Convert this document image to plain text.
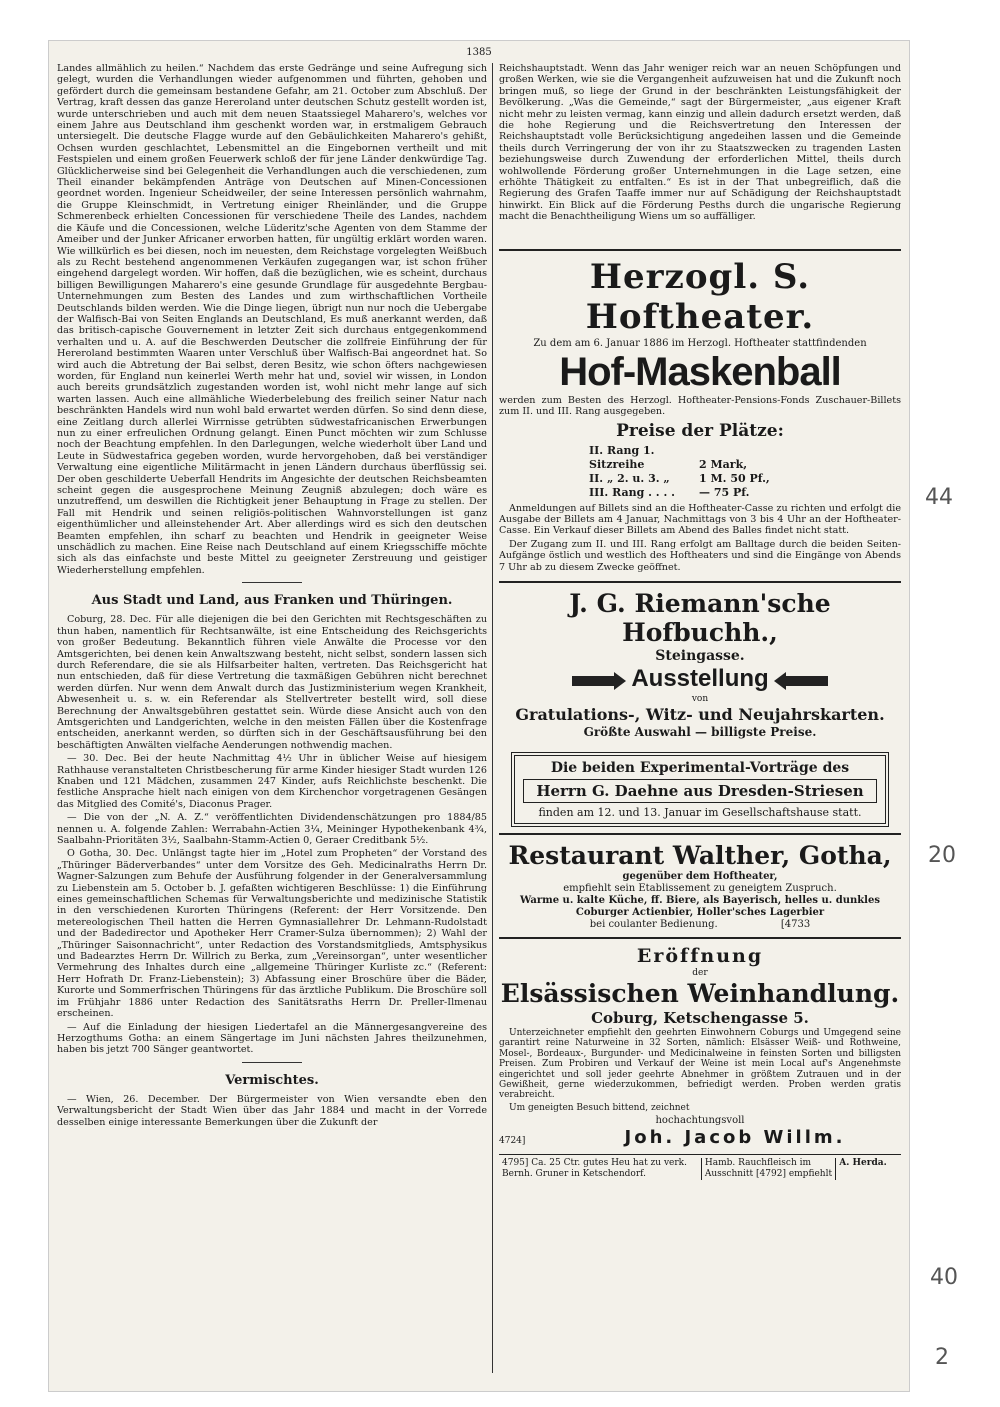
1385

Landes allmählich zu heilen.“ Nachdem das erste Gedränge und seine Aufregung sich gelegt, wurden die Verhandlungen wieder aufgenommen und führten, gehoben und gefördert durch die gemeinsam bestandene Gefahr, am 21. October zum Abschluß. Der Vertrag, kraft dessen das ganze Hereroland unter deutschen Schutz gestellt worden ist, wurde unterschrieben und auch mit dem neuen Staatssiegel Maharero's, welches vor einem Jahre aus Deutschland ihm geschenkt worden war, in erstmaligem Gebrauch untersiegelt. Die deutsche Flagge wurde auf den Gebäulichkeiten Maharero's gehißt, Ochsen wurden geschlachtet, Lebensmittel an die Eingebornen vertheilt und mit Festspielen und einem großen Feuerwerk schloß der für jene Länder denkwürdige Tag. Glücklicherweise sind bei Gelegenheit die Verhandlungen auch die verschiedenen, zum Theil einander bekämpfenden Anträge von Deutschen auf Minen-Concessionen geordnet worden. Ingenieur Scheidweiler, der seine Interessen persönlich wahrnahm, die Gruppe Kleinschmidt, in Vertretung einiger Rheinländer, und die Gruppe Schmerenbeck erhielten Concessionen für verschiedene Theile des Landes, nachdem die Käufe und die Concessionen, welche Lüderitz'sche Agenten von dem Stamme der Ameiber und der Junker Africaner erworben hatten, für ungültig erklärt worden waren. Wie willkürlich es bei diesen, noch im neuesten, dem Reichstage vorgelegten Weißbuch als zu Recht bestehend angenommenen Verkäufen zugegangen war, ist schon früher eingehend dargelegt worden. Wir hoffen, daß die bezüglichen, wie es scheint, durchaus billigen Bewilligungen Maharero's eine gesunde Grundlage für ausgedehnte Bergbau-Unternehmungen zum Besten des Landes und zum wirthschaftlichen Vortheile Deutschlands bilden werden. Wie die Dinge liegen, übrigt nun nur noch die Uebergabe der Walfisch-Bai von Seiten Englands an Deutschland, Es muß anerkannt werden, daß das britisch-capische Gouvernement in letzter Zeit sich durchaus entgegenkommend verhalten und u. A. auf die Beschwerden Deutscher die zollfreie Einführung der für Hereroland bestimmten Waaren unter Verschluß über Walfisch-Bai angeordnet hat. So wird auch die Abtretung der Bai selbst, deren Besitz, wie schon öfters nachgewiesen worden, für England nun keinerlei Werth mehr hat und, soviel wir wissen, in London auch bereits grundsätzlich zugestanden worden ist, wohl nicht mehr lange auf sich warten lassen. Auch eine allmähliche Wiederbelebung des freilich seiner Natur nach beschränkten Handels wird nun wohl bald erwartet werden dürfen. So sind denn diese, eine Zeitlang durch allerlei Wirrnisse getrübten südwestafricanischen Erwerbungen nun zu einer erfreulichen Ordnung gelangt. Einen Punct möchten wir zum Schlusse noch der Beachtung empfehlen. In den Darlegungen, welche wiederholt über Land und Leute in Südwestafrica gegeben worden, wurde hervorgehoben, daß bei verständiger Verwaltung eine eigentliche Militärmacht in jenen Ländern durchaus überflüssig sei. Der oben geschilderte Ueberfall Hendrits im Angesichte der deutschen Reichsbeamten scheint gegen die ausgesprochene Meinung Zeugniß abzulegen; doch wäre es unzutreffend, um deswillen die Richtigkeit jener Behauptung in Frage zu stellen. Der Fall mit Hendrik und seinen religiös-politischen Wahnvorstellungen ist ganz eigenthümlicher und alleinstehender Art. Aber allerdings wird es sich den deutschen Beamten empfehlen, ihn scharf zu beachten und Hendrik in geeigneter Weise unschädlich zu machen. Eine Reise nach Deutschland auf einem Kriegsschiffe möchte sich als das einfachste und beste Mittel zu geeigneter Zerstreuung und geistiger Wiederherstellung empfehlen.

Aus Stadt und Land, aus Franken und Thüringen.

Coburg, 28. Dec. Für alle diejenigen die bei den Gerichten mit Rechtsgeschäften zu thun haben, namentlich für Rechtsanwälte, ist eine Entscheidung des Reichsgerichts von großer Bedeutung. Bekanntlich führen viele Anwälte die Processe vor den Amtsgerichten, bei denen kein Anwaltszwang besteht, nicht selbst, sondern lassen sich durch Referendare, die sie als Hilfsarbeiter halten, vertreten. Das Reichsgericht hat nun entschieden, daß für diese Vertretung die taxmäßigen Gebühren nicht berechnet werden dürfen. Nur wenn dem Anwalt durch das Justizministerium wegen Krankheit, Abwesenheit u. s. w. ein Referendar als Stellvertreter bestellt wird, soll diese Berechnung der Anwaltsgebühren gestattet sein. Würde diese Ansicht auch von den Amtsgerichten und Landgerichten, welche in den meisten Fällen über die Kostenfrage entscheiden, anerkannt werden, so dürften sich in der Geschäftsausführung bei den beschäftigten Anwälten vielfache Aenderungen nothwendig machen.

— 30. Dec. Bei der heute Nachmittag 4½ Uhr in üblicher Weise auf hiesigem Rathhause veranstalteten Christbescherung für arme Kinder hiesiger Stadt wurden 126 Knaben und 121 Mädchen, zusammen 247 Kinder, aufs Reichlichste beschenkt. Die festliche Ansprache hielt nach einigen von dem Kirchenchor vorgetragenen Gesängen das Mitglied des Comité's, Diaconus Prager.

— Die von der „N. A. Z.“ veröffentlichten Dividendenschätzungen pro 1884/85 nennen u. A. folgende Zahlen: Werrabahn-Actien 3¼, Meininger Hypothekenbank 4¾, Saalbahn-Prioritäten 3½, Saalbahn-Stamm-Actien 0, Geraer Creditbank 5½.

O Gotha, 30. Dec. Unlängst tagte hier im „Hotel zum Propheten“ der Vorstand des „Thüringer Bäderverbandes“ unter dem Vorsitze des Geh. Medicinalraths Herrn Dr. Wagner-Salzungen zum Behufe der Ausführung folgender in der Generalversammlung zu Liebenstein am 5. October b. J. gefaßten wichtigeren Beschlüsse: 1) die Einführung eines gemeinschaftlichen Schemas für Verwaltungsberichte und medizinische Statistik in den verschiedenen Kurorten Thüringens (Referent: der Herr Vorsitzende. Den metereologischen Theil hatten die Herren Gymnasiallehrer Dr. Lehmann-Rudolstadt und der Badedirector und Apotheker Herr Cramer-Sulza übernommen); 2) Wahl der „Thüringer Saisonnachricht“, unter Redaction des Vorstandsmitglieds, Amtsphysikus und Badearztes Herrn Dr. Willrich zu Berka, zum „Vereinsorgan“, unter wesentlicher Vermehrung des Inhaltes durch eine „allgemeine Thüringer Kurliste zc.“ (Referent: Herr Hofrath Dr. Franz-Liebenstein); 3) Abfassung einer Broschüre über die Bäder, Kurorte und Sommerfrischen Thüringens für das ärztliche Publikum. Die Broschüre soll im Frühjahr 1886 unter Redaction des Sanitätsraths Herrn Dr. Preller-Ilmenau erscheinen.

— Auf die Einladung der hiesigen Liedertafel an die Männergesangvereine des Herzogthums Gotha: an einem Sängertage im Juni nächsten Jahres theilzunehmen, haben bis jetzt 700 Sänger geantwortet.

Vermischtes.

— Wien, 26. December. Der Bürgermeister von Wien versandte eben den Verwaltungsbericht der Stadt Wien über das Jahr 1884 und macht in der Vorrede desselben einige interessante Bemerkungen über die Zukunft der

Reichshauptstadt. Wenn das Jahr weniger reich war an neuen Schöpfungen und großen Werken, wie sie die Vergangenheit aufzuweisen hat und die Zukunft noch bringen muß, so liege der Grund in der beschränkten Leistungsfähigkeit der Bevölkerung. „Was die Gemeinde,“ sagt der Bürgermeister, „aus eigener Kraft nicht mehr zu leisten vermag, kann einzig und allein dadurch ersetzt werden, daß die hohe Regierung und die Reichsvertretung den Interessen der Reichshauptstadt volle Berücksichtigung angedeihen lassen und die Gemeinde theils durch Verringerung der von ihr zu Staatszwecken zu tragenden Lasten beziehungsweise durch Zuwendung der erforderlichen Mittel, theils durch wohlwollende Förderung großer Unternehmungen in die Lage setzen, eine erhöhte Thätigkeit zu entfalten.“ Es ist in der That unbegreiflich, daß die Regierung des Grafen Taaffe immer nur auf Schädigung der Reichshauptstadt hinwirkt. Ein Blick auf die Förderung Pesths durch die ungarische Regierung macht die Benachtheiligung Wiens um so auffälliger.

Herzogl. S. Hoftheater.
Zu dem am 6. Januar 1886 im Herzogl. Hoftheater stattfindenden
Hof-Maskenball

werden zum Besten des Herzogl. Hoftheater-Pensions-Fonds Zuschauer-Billets zum II. und III. Rang ausgegeben.

Preise der Plätze:
II. Rang 1. Sitzreihe	2 Mark,
II. „ 2. u. 3. „	1 M. 50 Pf.,
III. Rang . . . . — 75 Pf.

Anmeldungen auf Billets sind an die Hoftheater-Casse zu richten und erfolgt die Ausgabe der Billets am 4 Januar, Nachmittags von 3 bis 4 Uhr an der Hoftheater-Casse. Ein Verkauf dieser Billets am Abend des Balles findet nicht statt.

Der Zugang zum II. und III. Rang erfolgt am Balltage durch die beiden Seiten-Aufgänge östlich und westlich des Hoftheaters und sind die Eingänge von Abends 7 Uhr ab zu diesem Zwecke geöffnet.

J. G. Riemann'sche Hofbuchh.,
Steingasse.
Ausstellung
von
Gratulations-, Witz- und Neujahrskarten.
Größte Auswahl — billigste Preise.
Die beiden Experimental-Vorträge des
Herrn G. Daehne aus Dresden-Striesen
finden am 12. und 13. Januar im Gesellschaftshause statt.
Restaurant Walther, Gotha,
gegenüber dem Hoftheater,
empfiehlt sein Etablissement zu geneigtem Zuspruch.
Warme u. kalte Küche, ff. Biere, als Bayerisch, helles u. dunkles
Coburger Actienbier, Holler'sches Lagerbier
bei coulanter Bedienung.	[4733
Eröffnung
der
Elsässischen Weinhandlung.
Coburg, Ketschengasse 5.

Unterzeichneter empfiehlt den geehrten Einwohnern Coburgs und Umgegend seine garantirt reine Naturweine in 32 Sorten, nämlich: Elsässer Weiß- und Rothweine, Mosel-, Bordeaux-, Burgunder- und Medicinalweine in feinsten Sorten und billigsten Preisen. Zum Probiren und Verkauf der Weine ist mein Local auf's Angenehmste eingerichtet und soll jeder geehrte Abnehmer in größtem Zutrauen und in der Gewißheit, gerne wiederzukommen, befriedigt werden. Proben werden gratis verabreicht.

Um geneigten Besuch bittend, zeichnet

hochachtungsvoll
4724]	Joh. Jacob Willm.
4795] Ca. 25 Ctr. gutes Heu hat zu verk. Bernh. Gruner in Ketschendorf.
Hamb. Rauchfleisch im Ausschnitt [4792] empfiehlt
A. Herda.
44
20
40
2
